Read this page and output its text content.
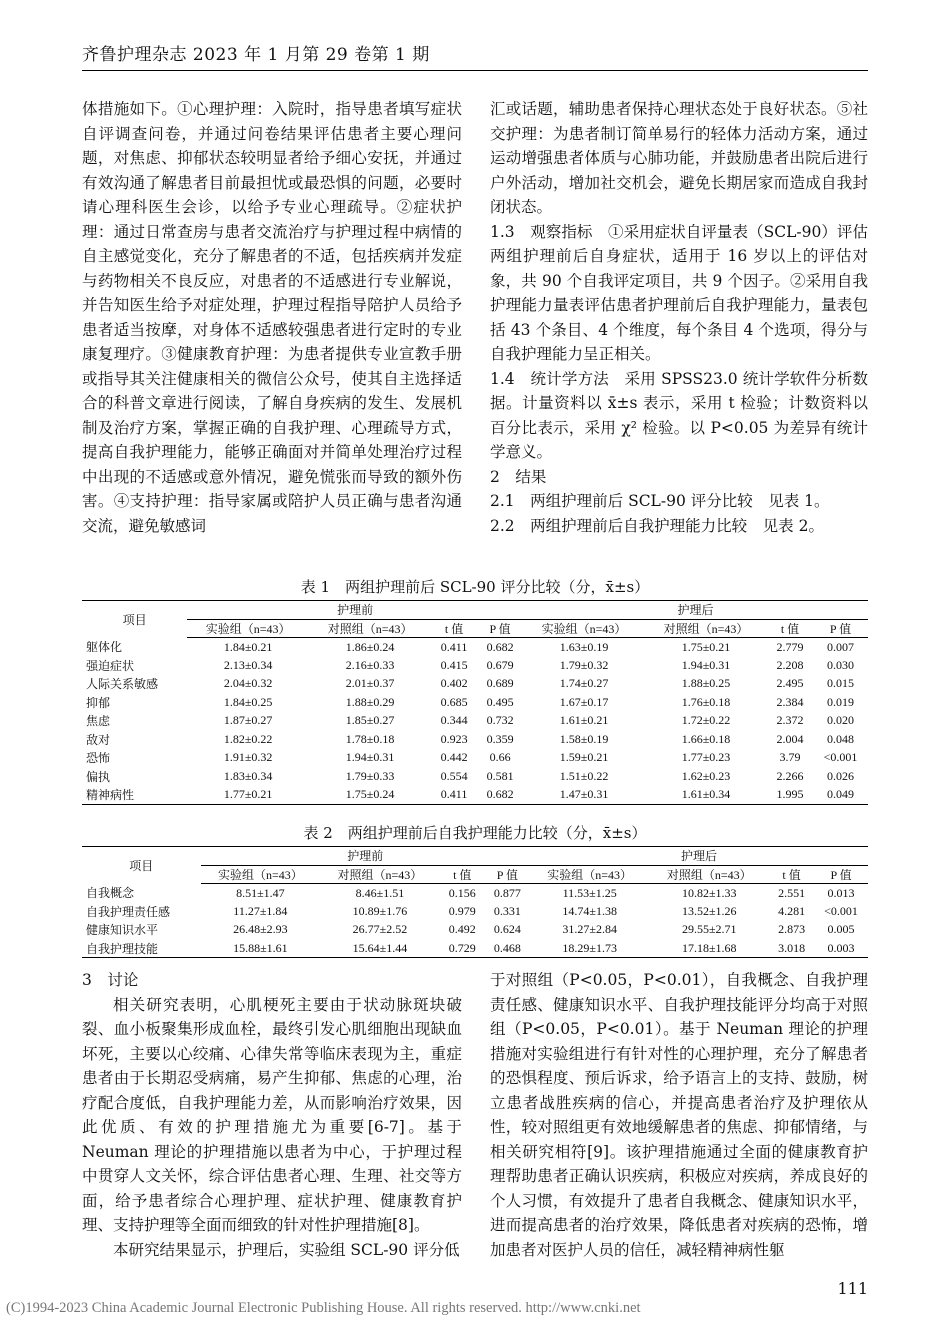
齐鲁护理杂志 2023 年 1 月第 29 卷第 1 期

体措施如下。①心理护理：入院时，指导患者填写症状自评调查问卷，并通过问卷结果评估患者主要心理问题，对焦虑、抑郁状态较明显者给予细心安抚，并通过有效沟通了解患者目前最担忧或最恐惧的问题，必要时请心理科医生会诊，以给予专业心理疏导。②症状护理：通过日常查房与患者交流治疗与护理过程中病情的自主感觉变化，充分了解患者的不适，包括疾病并发症与药物相关不良反应，对患者的不适感进行专业解说，并告知医生给予对症处理，护理过程指导陪护人员给予患者适当按摩，对身体不适感较强患者进行定时的专业康复理疗。③健康教育护理：为患者提供专业宣教手册或指导其关注健康相关的微信公众号，使其自主选择适合的科普文章进行阅读，了解自身疾病的发生、发展机制及治疗方案，掌握正确的自我护理、心理疏导方式，提高自我护理能力，能够正确面对并简单处理治疗过程中出现的不适感或意外情况，避免慌张而导致的额外伤害。④支持护理：指导家属或陪护人员正确与患者沟通交流，避免敏感词

汇或话题，辅助患者保持心理状态处于良好状态。⑤社交护理：为患者制订简单易行的轻体力活动方案，通过运动增强患者体质与心肺功能，并鼓励患者出院后进行户外活动，增加社交机会，避免长期居家而造成自我封闭状态。

1.3　观察指标　①采用症状自评量表（SCL-90）评估两组护理前后自身症状，适用于 16 岁以上的评估对象，共 90 个自我评定项目，共 9 个因子。②采用自我护理能力量表评估患者护理前后自我护理能力，量表包括 43 个条目、4 个维度，每个条目 4 个选项，得分与自我护理能力呈正相关。

1.4　统计学方法　采用 SPSS23.0 统计学软件分析数据。计量资料以 x̄±s 表示，采用 t 检验；计数资料以百分比表示，采用 χ² 检验。以 P<0.05 为差异有统计学意义。

2　结果

2.1　两组护理前后 SCL-90 评分比较　见表 1。

2.2　两组护理前后自我护理能力比较　见表 2。

表 1　两组护理前后 SCL-90 评分比较（分，x̄±s）
项目	护理前				护理后			
	实验组（n=43）	对照组（n=43）	t 值	P 值	实验组（n=43）	对照组（n=43）	t 值	P 值
躯体化	1.84±0.21	1.86±0.24	0.411	0.682	1.63±0.19	1.75±0.21	2.779	0.007
强迫症状	2.13±0.34	2.16±0.33	0.415	0.679	1.79±0.32	1.94±0.31	2.208	0.030
人际关系敏感	2.04±0.32	2.01±0.37	0.402	0.689	1.74±0.27	1.88±0.25	2.495	0.015
抑郁	1.84±0.25	1.88±0.29	0.685	0.495	1.67±0.17	1.76±0.18	2.384	0.019
焦虑	1.87±0.27	1.85±0.27	0.344	0.732	1.61±0.21	1.72±0.22	2.372	0.020
敌对	1.82±0.22	1.78±0.18	0.923	0.359	1.58±0.19	1.66±0.18	2.004	0.048
恐怖	1.91±0.32	1.94±0.31	0.442	0.66	1.59±0.21	1.77±0.23	3.79	<0.001
偏执	1.83±0.34	1.79±0.33	0.554	0.581	1.51±0.22	1.62±0.23	2.266	0.026
精神病性	1.77±0.21	1.75±0.24	0.411	0.682	1.47±0.31	1.61±0.34	1.995	0.049
表 2　两组护理前后自我护理能力比较（分，x̄±s）
项目	护理前				护理后			
	实验组（n=43）	对照组（n=43）	t 值	P 值	实验组（n=43）	对照组（n=43）	t 值	P 值
自我概念	8.51±1.47	8.46±1.51	0.156	0.877	11.53±1.25	10.82±1.33	2.551	0.013
自我护理责任感	11.27±1.84	10.89±1.76	0.979	0.331	14.74±1.38	13.52±1.26	4.281	<0.001
健康知识水平	26.48±2.93	26.77±2.52	0.492	0.624	31.27±2.84	29.55±2.71	2.873	0.005
自我护理技能	15.88±1.61	15.64±1.44	0.729	0.468	18.29±1.73	17.18±1.68	3.018	0.003

3　讨论

相关研究表明，心肌梗死主要由于状动脉斑块破裂、血小板聚集形成血栓，最终引发心肌细胞出现缺血坏死，主要以心绞痛、心律失常等临床表现为主，重症患者由于长期忍受病痛，易产生抑郁、焦虑的心理，治疗配合度低，自我护理能力差，从而影响治疗效果，因此优质、有效的护理措施尤为重要[6-7]。基于 Neuman 理论的护理措施以患者为中心，于护理过程中贯穿人文关怀，综合评估患者心理、生理、社交等方面，给予患者综合心理护理、症状护理、健康教育护理、支持护理等全面而细致的针对性护理措施[8]。

本研究结果显示，护理后，实验组 SCL-90 评分低

于对照组（P<0.05，P<0.01），自我概念、自我护理责任感、健康知识水平、自我护理技能评分均高于对照组（P<0.05，P<0.01）。基于 Neuman 理论的护理措施对实验组进行有针对性的心理护理，充分了解患者的恐惧程度、预后诉求，给予语言上的支持、鼓励，树立患者战胜疾病的信心，并提高患者治疗及护理依从性，较对照组更有效地缓解患者的焦虑、抑郁情绪，与相关研究相符[9]。该护理措施通过全面的健康教育护理帮助患者正确认识疾病，积极应对疾病，养成良好的个人习惯，有效提升了患者自我概念、健康知识水平，进而提高患者的治疗效果，降低患者对疾病的恐怖，增加患者对医护人员的信任，减轻精神病性躯

111
(C)1994-2023 China Academic Journal Electronic Publishing House. All rights reserved. http://www.cnki.net
